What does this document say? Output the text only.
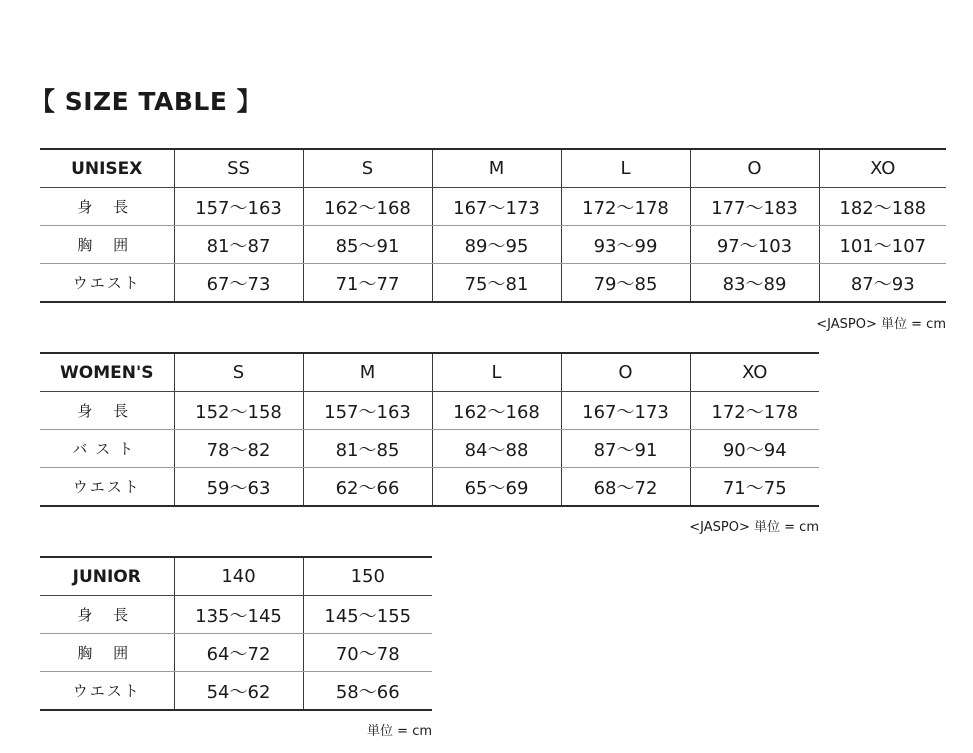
【 SIZE TABLE 】
UNISEX	SS	S	M	L	O	XO
身 長	157～163	162～168	167～173	172～178	177～183	182～188
胸 囲	81～87	85～91	89～95	93～99	97～103	101～107
ウエスト	67～73	71～77	75～81	79～85	83～89	87～93
<JASPO> 単位 = cm
WOMEN'S	S	M	L	O	XO
身 長	152～158	157～163	162～168	167～173	172～178
バスト	78～82	81～85	84～88	87～91	90～94
ウエスト	59～63	62～66	65～69	68～72	71～75
<JASPO> 単位 = cm
JUNIOR	140	150
身 長	135～145	145～155
胸 囲	64～72	70～78
ウエスト	54～62	58～66
単位 = cm
